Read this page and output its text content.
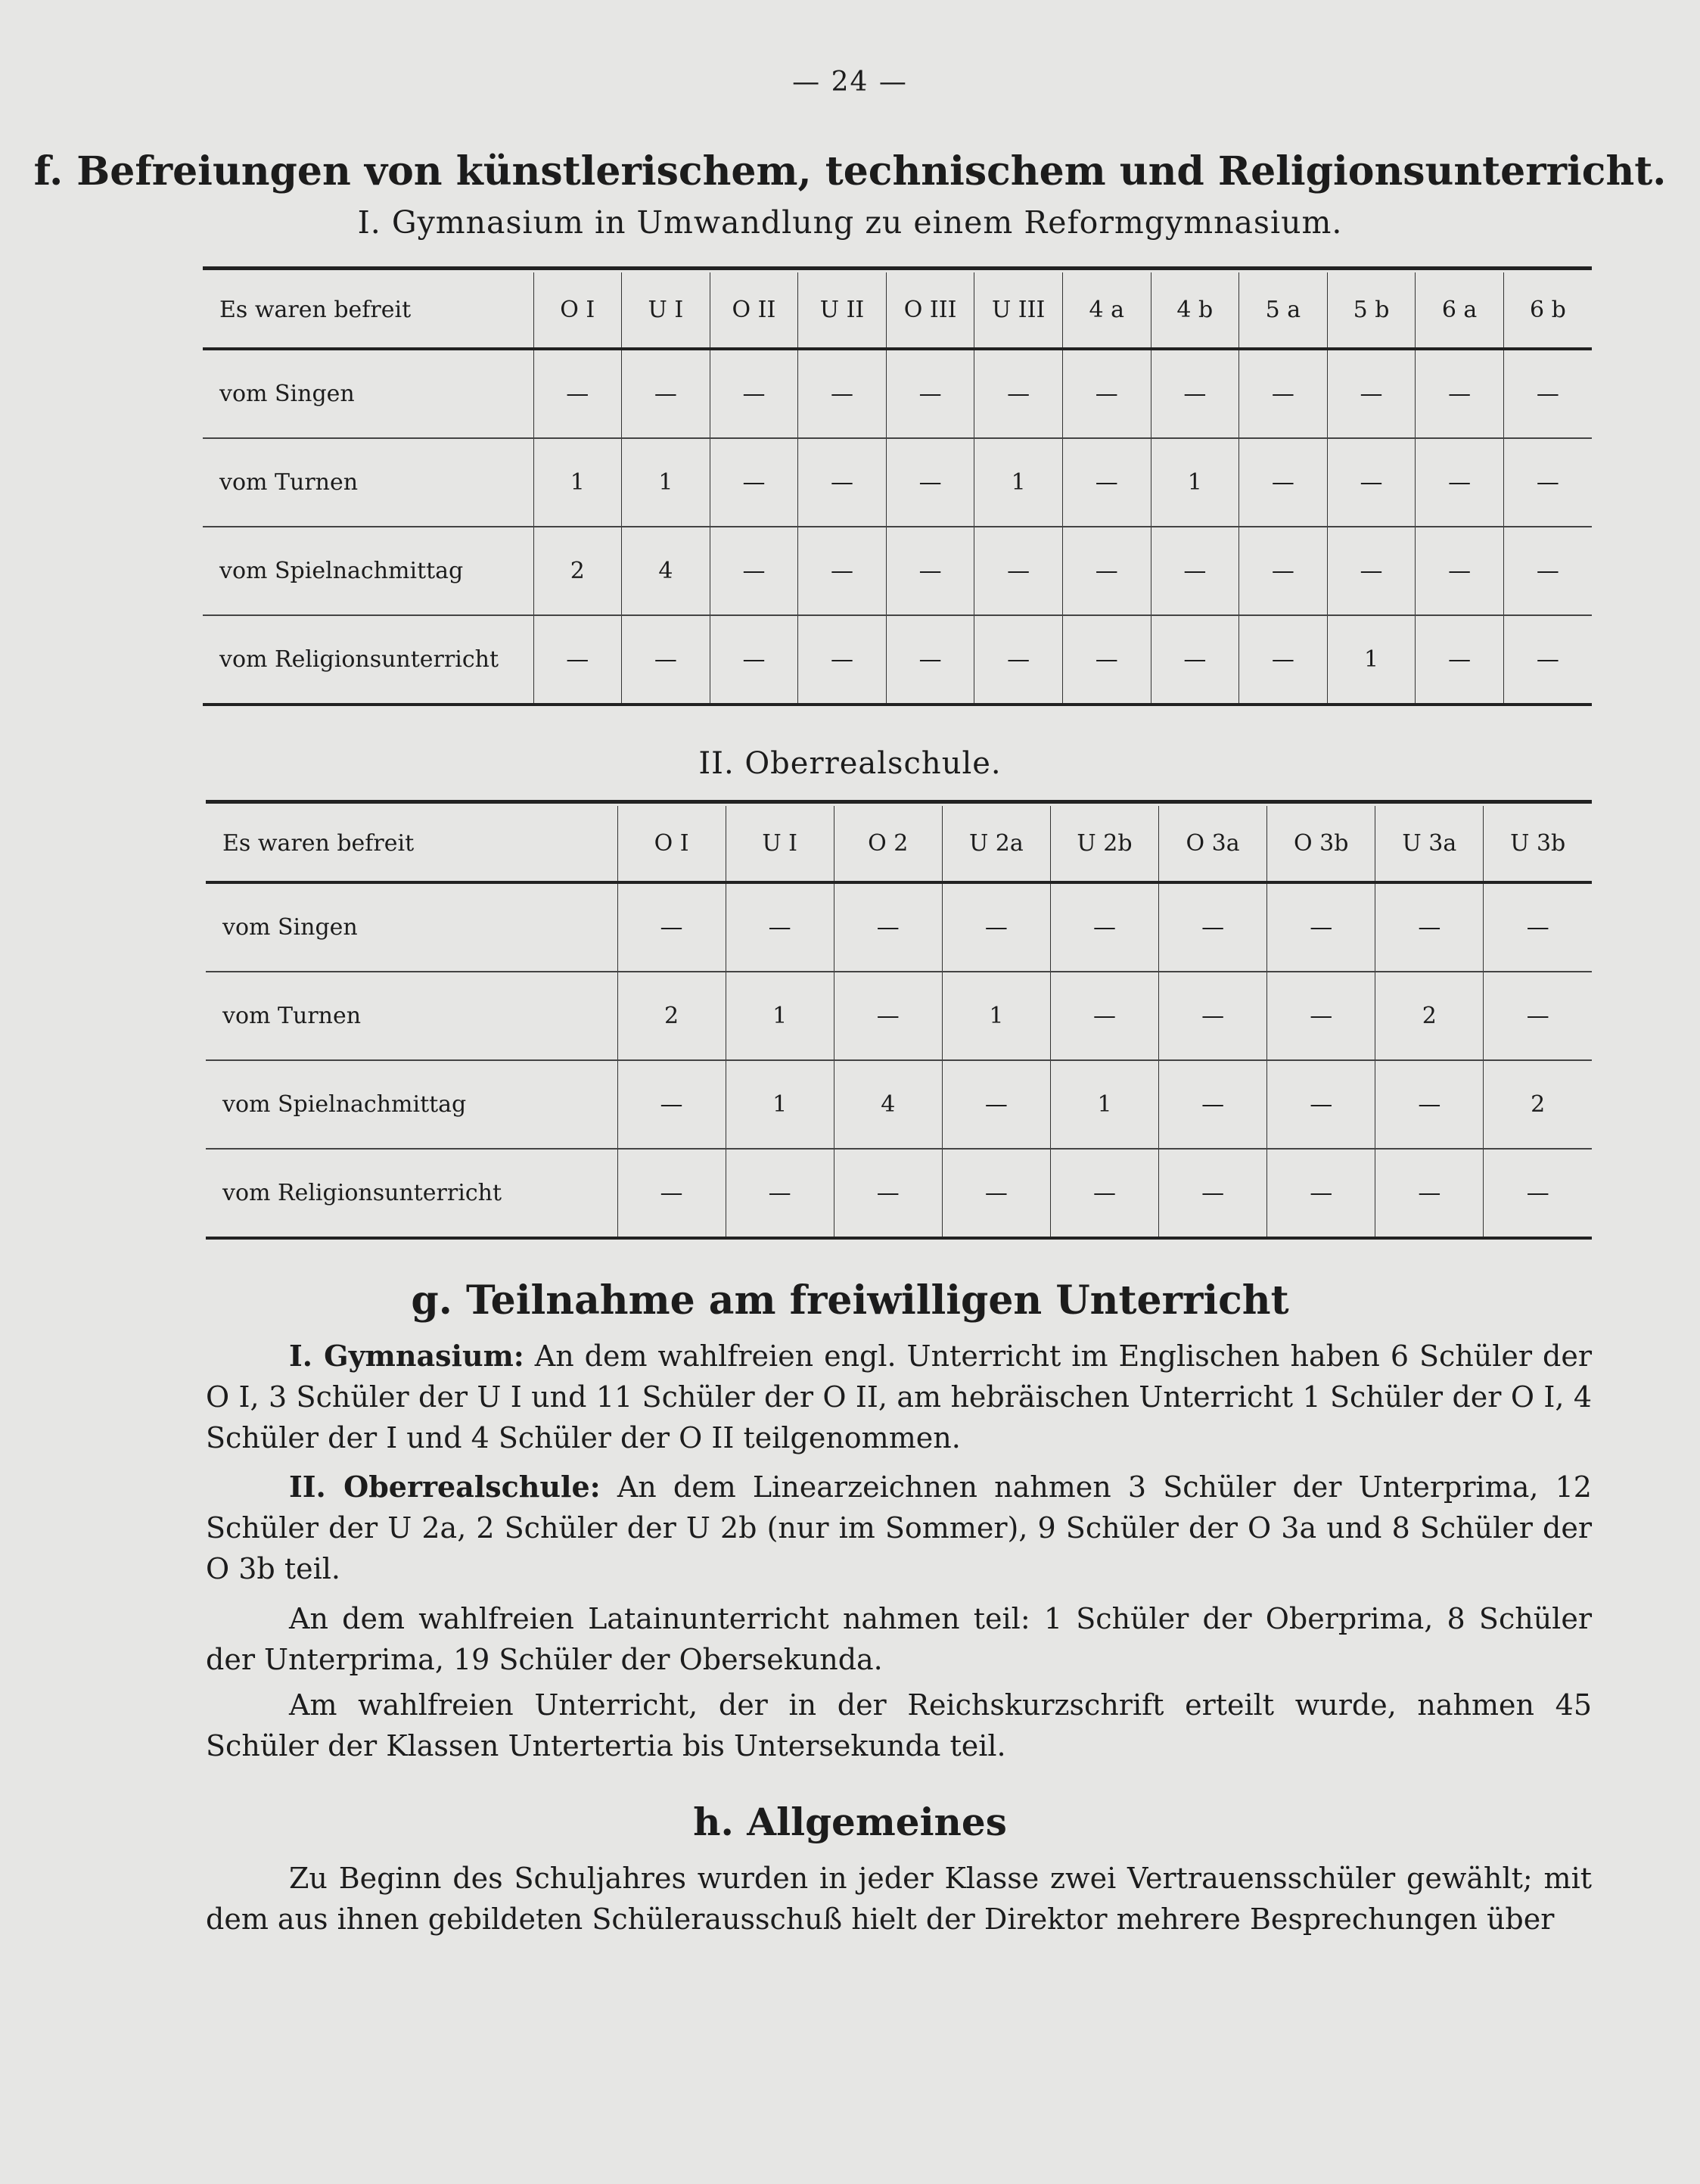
— 24 —
f. Befreiungen von künstlerischem, technischem und Religionsunterricht.
I. Gymnasium in Umwandlung zu einem Reformgymnasium.
Es waren befreit	O I	U I	O II	U II	O III	U III	4 a	4 b	5 a	5 b	6 a	6 b
vom Singen	—	—	—	—	—	—	—	—	—	—	—	—
vom Turnen	1	1	—	—	—	1	—	1	—	—	—	—
vom Spielnachmittag	2	4	—	—	—	—	—	—	—	—	—	—
vom Religionsunterricht	—	—	—	—	—	—	—	—	—	1	—	—
II. Oberrealschule.
Es waren befreit	O I	U I	O 2	U 2a	U 2b	O 3a	O 3b	U 3a	U 3b
vom Singen	—	—	—	—	—	—	—	—	—
vom Turnen	2	1	—	1	—	—	—	2	—
vom Spielnachmittag	—	1	4	—	1	—	—	—	2
vom Religionsunterricht	—	—	—	—	—	—	—	—	—
g. Teilnahme am freiwilligen Unterricht
I. Gymnasium: An dem wahlfreien engl. Unterricht im Englischen haben 6 Schüler der O I, 3 Schüler der U I und 11 Schüler der O II, am hebräischen Unterricht 1 Schüler der O I, 4 Schüler der I und 4 Schüler der O II teilgenommen.
II. Oberrealschule: An dem Linearzeichnen nahmen 3 Schüler der Unterprima, 12 Schüler der U 2a, 2 Schüler der U 2b (nur im Sommer), 9 Schüler der O 3a und 8 Schüler der O 3b teil.
An dem wahlfreien Latainunterricht nahmen teil: 1 Schüler der Oberprima, 8 Schüler der Unterprima, 19 Schüler der Obersekunda.
Am wahlfreien Unterricht, der in der Reichskurzschrift erteilt wurde, nahmen 45 Schüler der Klassen Untertertia bis Untersekunda teil.
h. Allgemeines
Zu Beginn des Schuljahres wurden in jeder Klasse zwei Vertrauensschüler gewählt; mit dem aus ihnen gebildeten Schülerausschuß hielt der Direktor mehrere Besprechungen über
